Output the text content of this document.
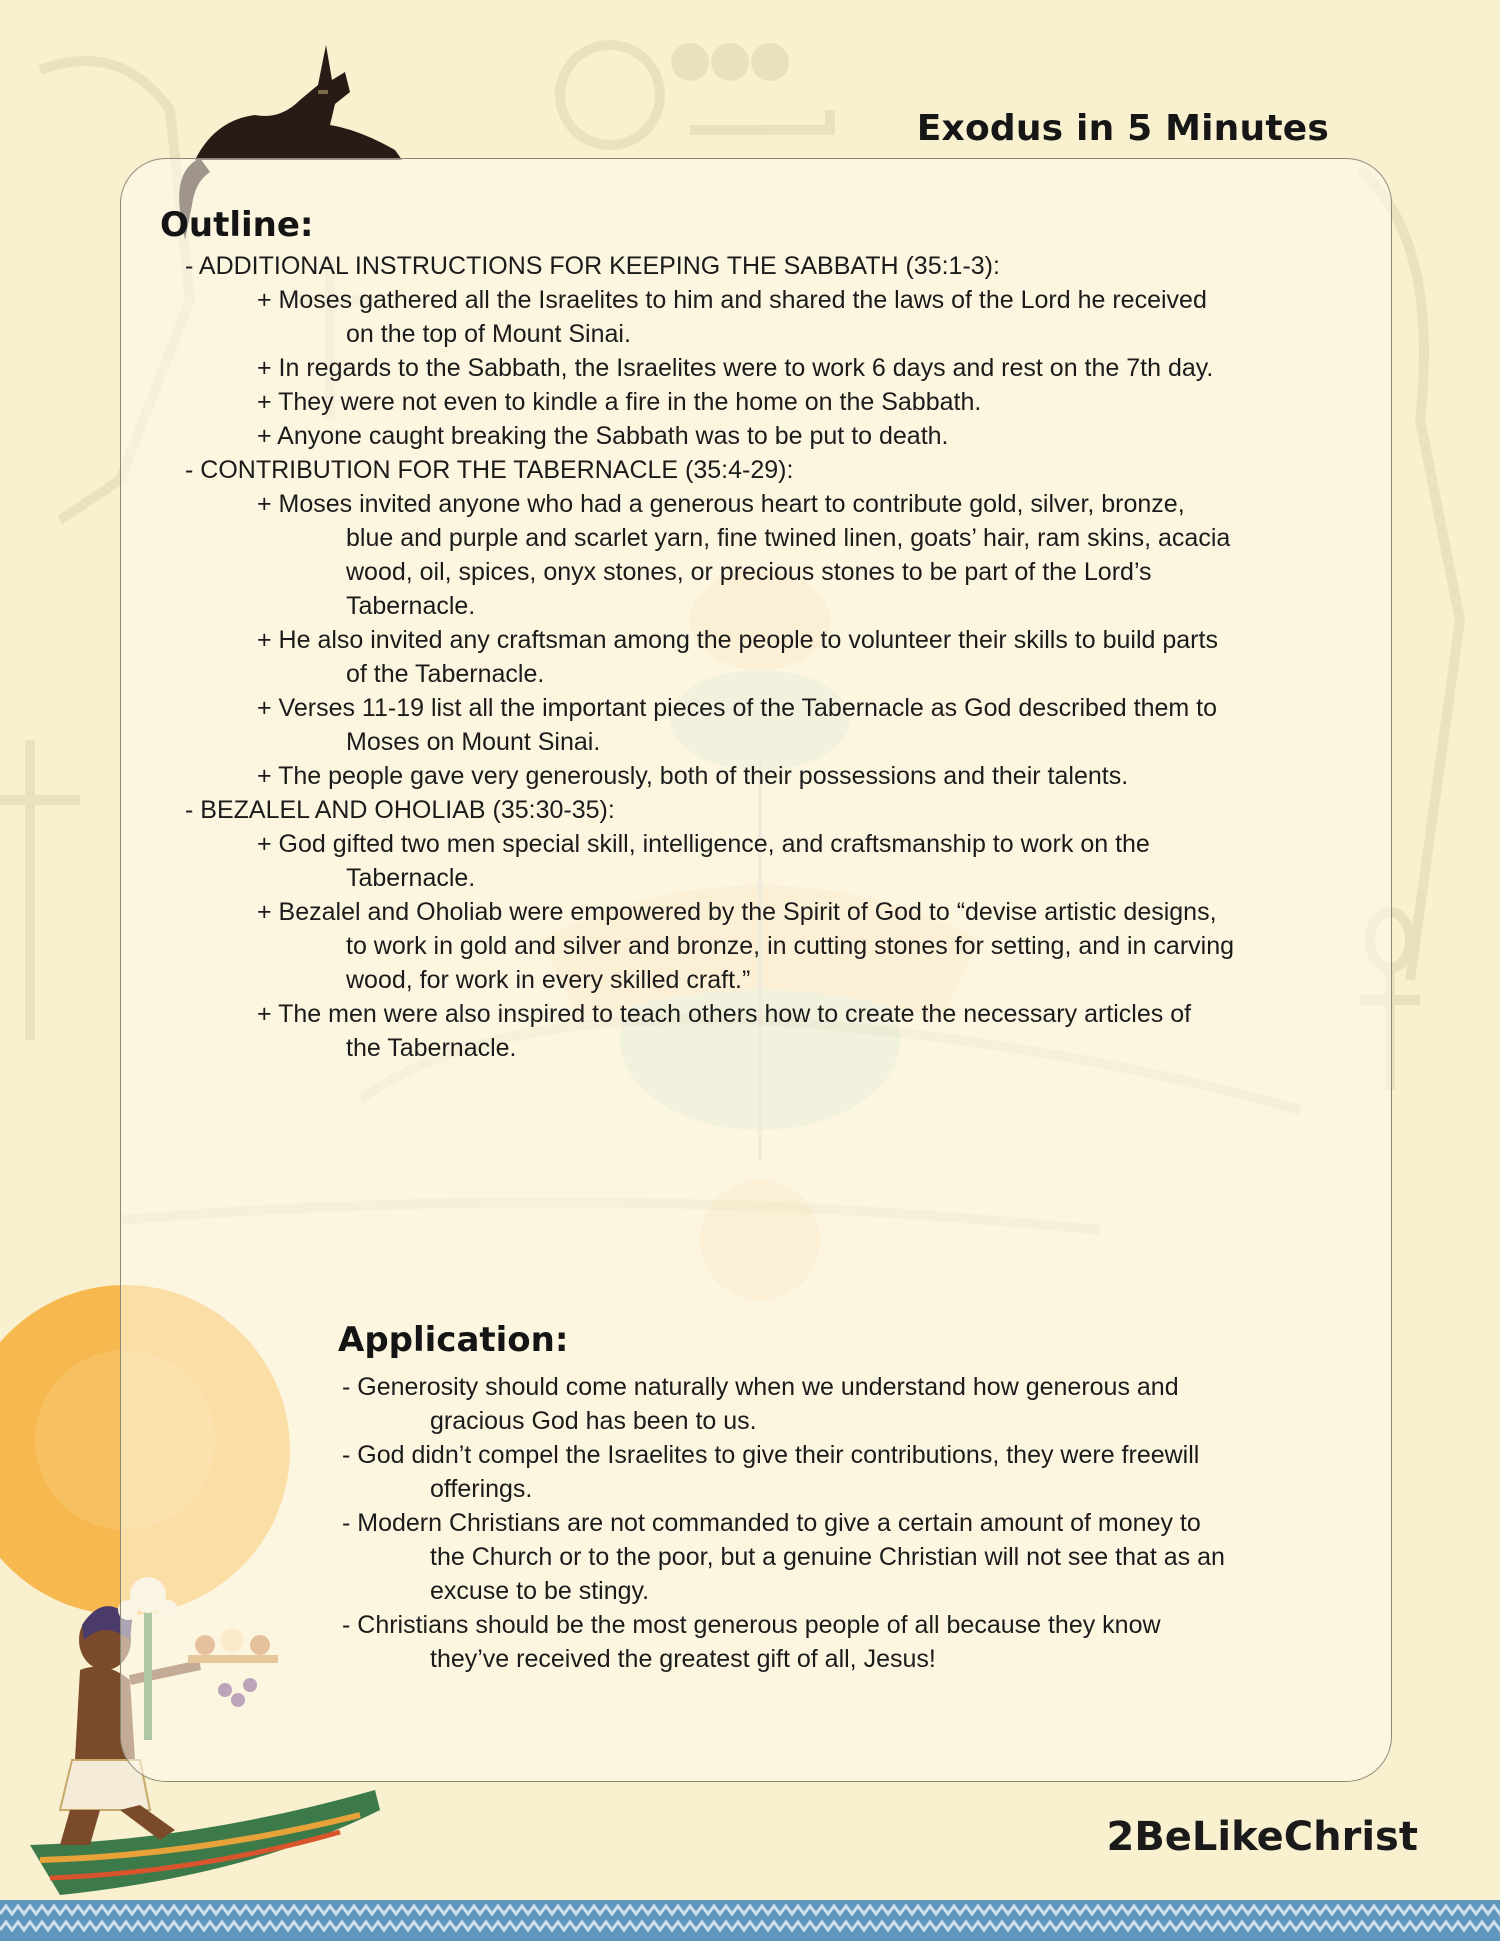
Exodus in 5 Minutes
Outline:
- ADDITIONAL INSTRUCTIONS FOR KEEPING THE SABBATH (35:1-3):
+ Moses gathered all the Israelites to him and shared the laws of the Lord he received
on the top of Mount Sinai.
+ In regards to the Sabbath, the Israelites were to work 6 days and rest on the 7th day.
+ They were not even to kindle a fire in the home on the Sabbath.
+ Anyone caught breaking the Sabbath was to be put to death.
- CONTRIBUTION FOR THE TABERNACLE (35:4-29):
+ Moses invited anyone who had a generous heart to contribute gold, silver, bronze,
blue and purple and scarlet yarn, fine twined linen, goats’ hair, ram skins, acacia
wood, oil, spices, onyx stones, or precious stones to be part of the Lord’s
Tabernacle.
+ He also invited any craftsman among the people to volunteer their skills to build parts
of the Tabernacle.
+ Verses 11-19 list all the important pieces of the Tabernacle as God described them to
Moses on Mount Sinai.
+ The people gave very generously, both of their possessions and their talents.
- BEZALEL AND OHOLIAB (35:30-35):
+ God gifted two men special skill, intelligence, and craftsmanship to work on the
Tabernacle.
+ Bezalel and Oholiab were empowered by the Spirit of God to “devise artistic designs,
to work in gold and silver and bronze, in cutting stones for setting, and in carving
wood, for work in every skilled craft.”
+ The men were also inspired to teach others how to create the necessary articles of
the Tabernacle.
Application:
- Generosity should come naturally when we understand how generous and
gracious God has been to us.
- God didn’t compel the Israelites to give their contributions, they were freewill
offerings.
- Modern Christians are not commanded to give a certain amount of money to
the Church or to the poor, but a genuine Christian will not see that as an
excuse to be stingy.
- Christians should be the most generous people of all because they know
they’ve received the greatest gift of all, Jesus!
2BeLikeChrist
